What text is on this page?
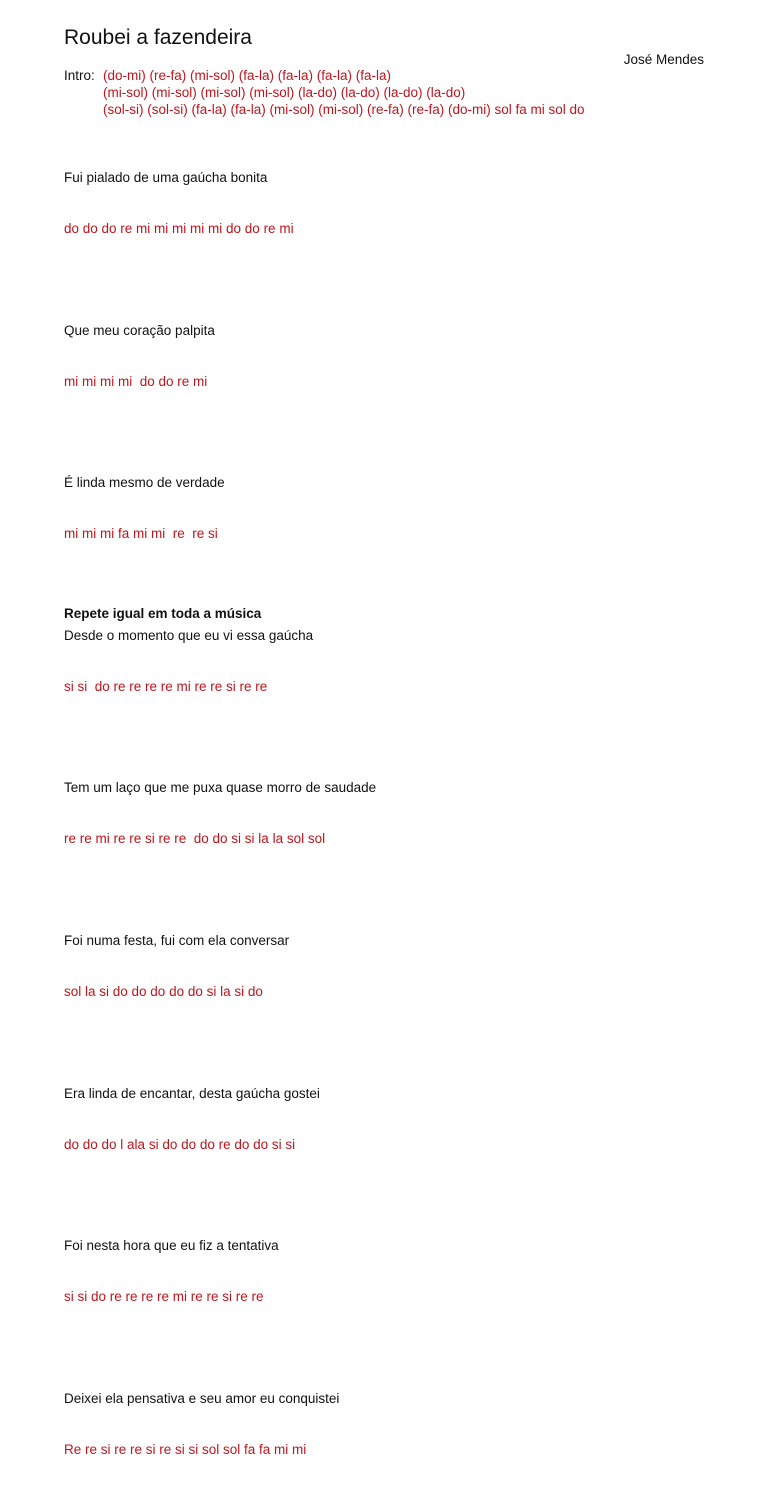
Roubei a fazendeira
José Mendes
Intro: (do-mi) (re-fa) (mi-sol) (fa-la) (fa-la) (fa-la) (fa-la)
(mi-sol) (mi-sol) (mi-sol) (mi-sol) (la-do) (la-do) (la-do) (la-do)
(sol-si) (sol-si) (fa-la) (fa-la) (mi-sol) (mi-sol) (re-fa) (re-fa) (do-mi) sol fa mi sol do

Fui pialado de uma gaúcha bonita

do do do re mi mi mi mi mi do do re mi

Que meu coração palpita

mi mi mi mi  do do re mi

É linda mesmo de verdade

mi mi mi fa mi mi  re  re si

Desde o momento que eu vi essa gaúcha

si si  do re re re re mi re re si re re

Tem um laço que me puxa quase morro de saudade

re re mi re re si re re  do do si si la la sol sol

Foi numa festa, fui com ela conversar

sol la si do do do do do si la si do

Era linda de encantar, desta gaúcha gostei

do do do l ala si do do do re do do si si

Foi nesta hora que eu fiz a tentativa

si si do re re re re mi re re si re re

Deixei ela pensativa e seu amor eu conquistei

Re re si re re si re si si sol sol fa fa mi mi

Repete igual em toda a música
